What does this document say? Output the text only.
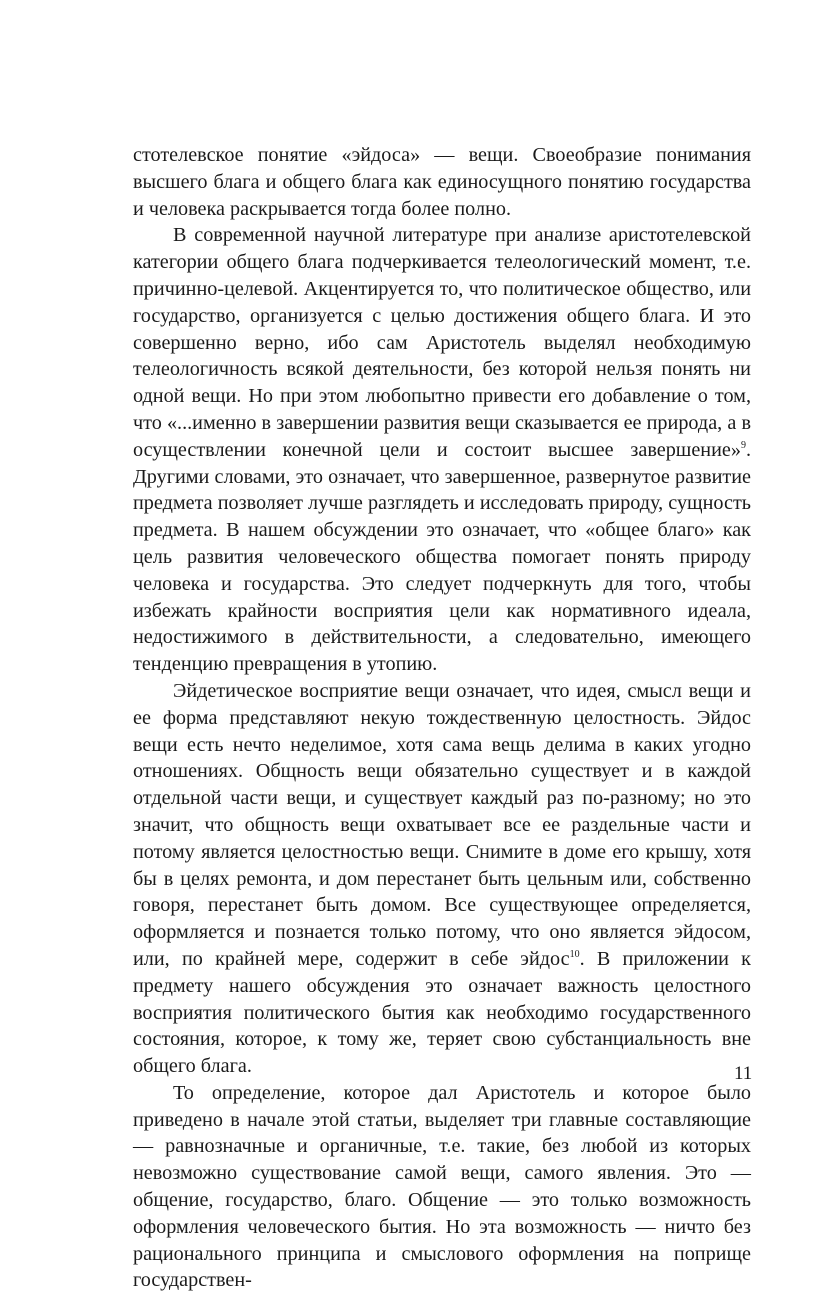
стотелевское понятие «эйдоса» — вещи. Своеобразие понимания высшего блага и общего блага как единосущного понятию государства и человека раскрывается тогда более полно.

В современной научной литературе при анализе аристотелевской категории общего блага подчеркивается телеологический момент, т.е. причинно-целевой. Акцентируется то, что политическое общество, или государство, организуется с целью достижения общего блага. И это совершенно верно, ибо сам Аристотель выделял необходимую телеологичность всякой деятельности, без которой нельзя понять ни одной вещи. Но при этом любопытно привести его добавление о том, что «...именно в завершении развития вещи сказывается ее природа, а в осуществлении конечной цели и состоит высшее завершение»$^9$. Другими словами, это означает, что завершенное, развернутое развитие предмета позволяет лучше разглядеть и исследовать природу, сущность предмета. В нашем обсуждении это означает, что «общее благо» как цель развития человеческого общества помогает понять природу человека и государства. Это следует подчеркнуть для того, чтобы избежать крайности восприятия цели как нормативного идеала, недостижимого в действительности, а следовательно, имеющего тенденцию превращения в утопию.

Эйдетическое восприятие вещи означает, что идея, смысл вещи и ее форма представляют некую тождественную целостность. Эйдос вещи есть нечто неделимое, хотя сама вещь делима в каких угодно отношениях. Общность вещи обязательно существует и в каждой отдельной части вещи, и существует каждый раз по-разному; но это значит, что общность вещи охватывает все ее раздельные части и потому является целостностью вещи. Снимите в доме его крышу, хотя бы в целях ремонта, и дом перестанет быть цельным или, собственно говоря, перестанет быть домом. Все существующее определяется, оформляется и познается только потому, что оно является эйдосом, или, по крайней мере, содержит в себе эйдос$^{10}$. В приложении к предмету нашего обсуждения это означает важность целостного восприятия политического бытия как необходимо государственного состояния, которое, к тому же, теряет свою субстанциальность вне общего блага.

То определение, которое дал Аристотель и которое было приведено в начале этой статьи, выделяет три главные составляющие — равнозначные и органичные, т.е. такие, без любой из которых невозможно существование самой вещи, самого явления. Это — общение, государство, благо. Общение — это только возможность оформления человеческого бытия. Но эта возможность — ничто без рационального принципа и смыслового оформления на поприще государствен-

11
